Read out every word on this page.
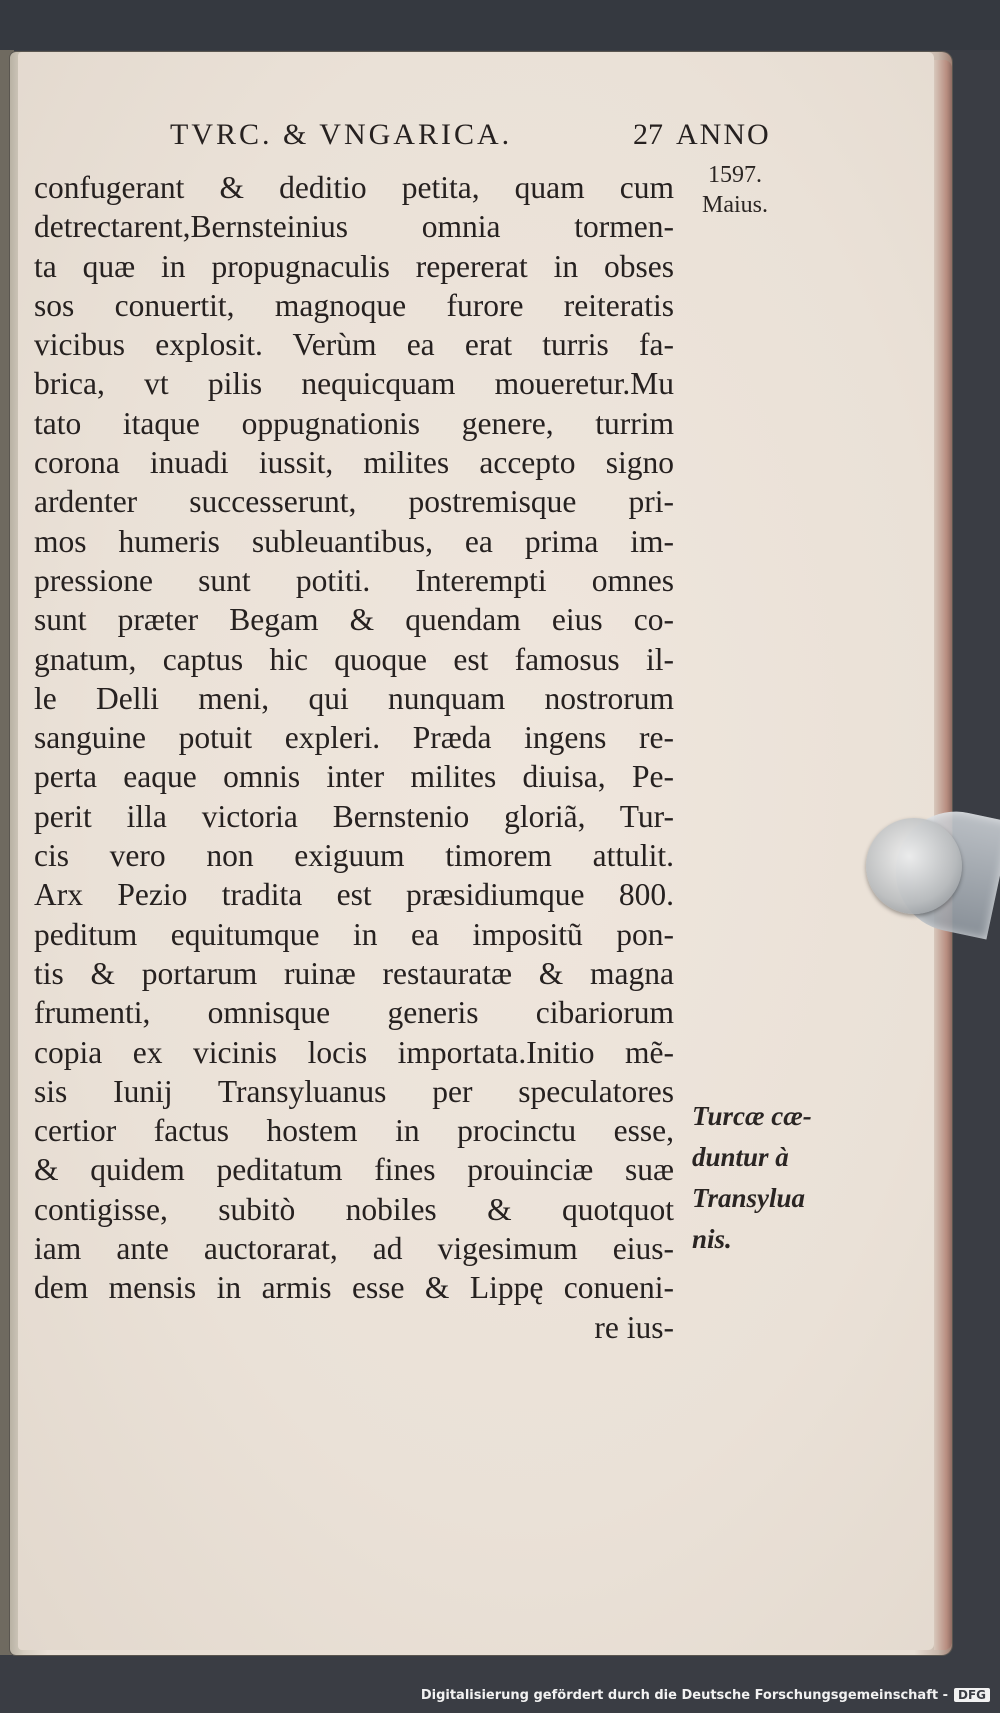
TVRC. & VNGARICA.	27 ANNO
1597.
Maius.
confugerant & deditio petita, quam cum
detrectarent,Bernsteinius omnia tormen-
ta quæ in propugnaculis repererat in obses
sos conuertit, magnoque furore reiteratis
vicibus explosit. Verùm ea erat turris fa-
brica, vt pilis nequicquam moueretur.Mu
tato itaque oppugnationis genere, turrim
corona inuadi iussit, milites accepto signo
ardenter successerunt, postremisque pri-
mos humeris subleuantibus, ea prima im-
pressione sunt potiti. Interempti omnes
sunt præter Begam & quendam eius co-
gnatum, captus hic quoque est famosus il-
le Delli meni, qui nunquam nostrorum
sanguine potuit expleri. Præda ingens re-
perta eaque omnis inter milites diuisa, Pe-
perit illa victoria Bernstenio gloriã, Tur-
cis vero non exiguum timorem attulit.
Arx Pezio tradita est præsidiumque 800.
peditum equitumque in ea impositũ pon-
tis & portarum ruinæ restauratæ & magna
frumenti, omnisque generis cibariorum
copia ex vicinis locis importata.Initio mẽ-
sis Iunij Transyluanus per speculatores
certior factus hostem in procinctu esse,
& quidem peditatum fines prouinciæ suæ
contigisse, subitò nobiles & quotquot
iam ante auctorarat, ad vigesimum eius-
dem mensis in armis esse & Lippę conueni-
re ius-
Turcæ cæ-
duntur à
Transylua
nis.
Digitalisierung gefördert durch die Deutsche Forschungsgemeinschaft - DFG
